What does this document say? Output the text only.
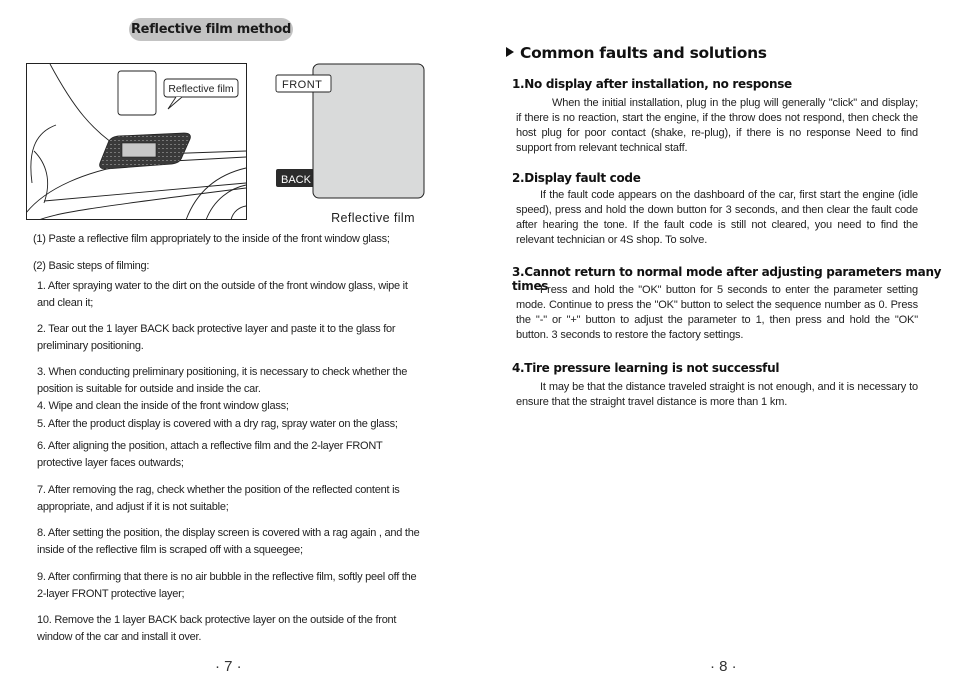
Reflective film method
Reflective film
BACK
FRONT
Reflective film
(1) Paste a reflective film appropriately to the inside of the front window glass;
(2) Basic steps of filming:
1. After spraying water to the dirt on the outside of the front window glass, wipe it and clean it;
2. Tear out the 1 layer BACK back protective layer and paste it to the glass for preliminary positioning.
3. When conducting preliminary positioning, it is necessary to check whether the position is suitable for outside and inside the car.
4. Wipe and clean the inside of the front window glass;
5. After the product display is covered with a dry rag, spray water on the glass;
6. After aligning the position, attach a reflective film and the 2-layer FRONT protective layer faces outwards;
7. After removing the rag, check whether the position of the reflected content is appropriate, and adjust if it is not suitable;
8. After setting the position, the display screen is covered with a rag again , and the inside of the reflective film is scraped off with a squeegee;
9. After confirming that there is no air bubble in the reflective film, softly peel off the 2-layer FRONT protective layer;
10. Remove the 1 layer BACK back protective layer on the outside of the front window of the car and install it over.
· 7 ·
Common faults and solutions
1.No display after installation, no response
When the initial installation, plug in the plug will generally "click" and display; if there is no reaction, start the engine, if the throw does not respond, then check the host plug for poor contact (shake, re-plug), if there is no response Need to find support from relevant technical staff.
2.Display fault code
If the fault code appears on the dashboard of the car, first start the engine (idle speed), press and hold the down button for 3 seconds, and then clear the fault code after hearing the tone. If the fault code is still not cleared, you need to find the relevant technician or 4S shop. To solve.
3.Cannot return to normal mode after adjusting parameters many times
Press and hold the "OK" button for 5 seconds to enter the parameter setting mode. Continue to press the "OK" button to select the sequence number as 0. Press the "-" or "+" button to adjust the parameter to 1, then press and hold the "OK" button. 3 seconds to restore the factory settings.
4.Tire pressure learning is not successful
It may be that the distance traveled straight is not enough, and it is necessary to ensure that the straight travel distance is more than 1 km.
· 8 ·
